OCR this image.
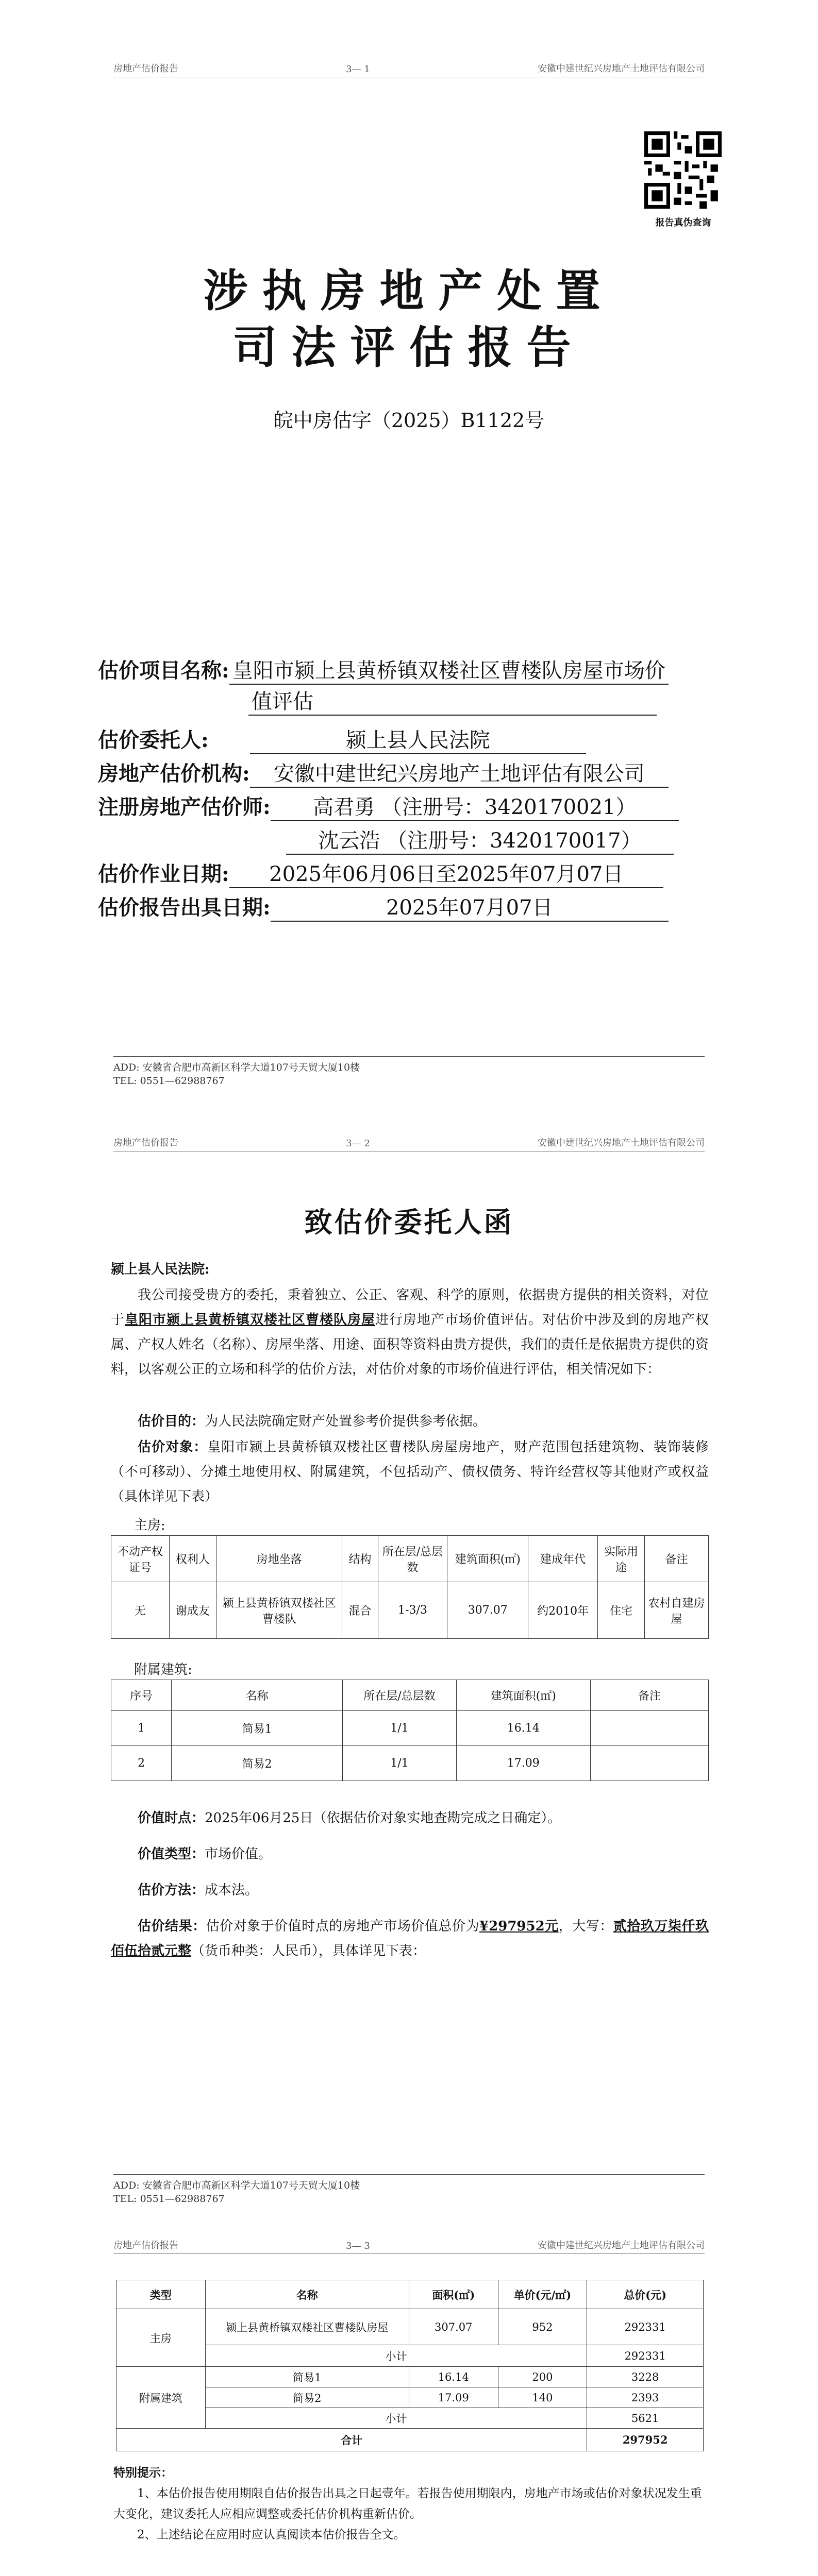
房地产估价报告	3— 1	安徽中建世纪兴房地产土地评估有限公司
报告真伪查询
涉执房地产处置
司法评估报告
皖中房估字（2025）B1122号
估价项目名称: 皇阳市颍上县黄桥镇双楼社区曹楼队房屋市场价
值评估
估价委托人:	颍上县人民法院
房地产估价机构: 安徽中建世纪兴房地产土地评估有限公司
注册房地产估价师: 高君勇 （注册号：3420170021）
沈云浩 （注册号：3420170017）
估价作业日期: 2025年06月06日至2025年07月07日
估价报告出具日期:	2025年07月07日
ADD: 安徽省合肥市高新区科学大道107号天贸大厦10楼
TEL: 0551—62988767
房地产估价报告	3— 2	安徽中建世纪兴房地产土地评估有限公司
致估价委托人函
颍上县人民法院:
我公司接受贵方的委托，秉着独立、公正、客观、科学的原则，依据贵方提供的相关资料，对位于皇阳市颍上县黄桥镇双楼社区曹楼队房屋进行房地产市场价值评估。对估价中涉及到的房地产权属、产权人姓名（名称）、房屋坐落、用途、面积等资料由贵方提供，我们的责任是依据贵方提供的资料，以客观公正的立场和科学的估价方法，对估价对象的市场价值进行评估，相关情况如下：
估价目的：为人民法院确定财产处置参考价提供参考依据。
估价对象：皇阳市颍上县黄桥镇双楼社区曹楼队房屋房地产，财产范围包括建筑物、装饰装修（不可移动）、分摊土地使用权、附属建筑，不包括动产、债权债务、特许经营权等其他财产或权益（具体详见下表）
主房:
不动产权证号	权利人	房地坐落	结构	所在层/总层数	建筑面积(㎡)	建成年代	实际用途	备注
无	谢成友	颍上县黄桥镇双楼社区曹楼队	混合	1-3/3	307.07	约2010年	住宅	农村自建房屋
附属建筑:
序号	名称	所在层/总层数	建筑面积(㎡)	备注
1	简易1	1/1	16.14	
2	简易2	1/1	17.09	
价值时点：2025年06月25日（依据估价对象实地查勘完成之日确定）。
价值类型：市场价值。
估价方法：成本法。
估价结果：估价对象于价值时点的房地产市场价值总价为¥297952元，大写：贰拾玖万柒仟玖佰伍拾贰元整（货币种类：人民币），具体详见下表：
ADD: 安徽省合肥市高新区科学大道107号天贸大厦10楼
TEL: 0551—62988767
房地产估价报告	3— 3	安徽中建世纪兴房地产土地评估有限公司
类型	名称	面积(㎡)	单价(元/㎡)	总价(元)
主房	颍上县黄桥镇双楼社区曹楼队房屋	307.07	952	292331
	小计			292331
附属建筑	简易1	16.14	200	3228
	简易2	17.09	140	2393
	小计			5621
合计				297952
特别提示：
1、本估价报告使用期限自估价报告出具之日起壹年。若报告使用期限内，房地产市场或估价对象状况发生重大变化，建议委托人应相应调整或委托估价机构重新估价。
2、上述结论在应用时应认真阅读本估价报告全文。
